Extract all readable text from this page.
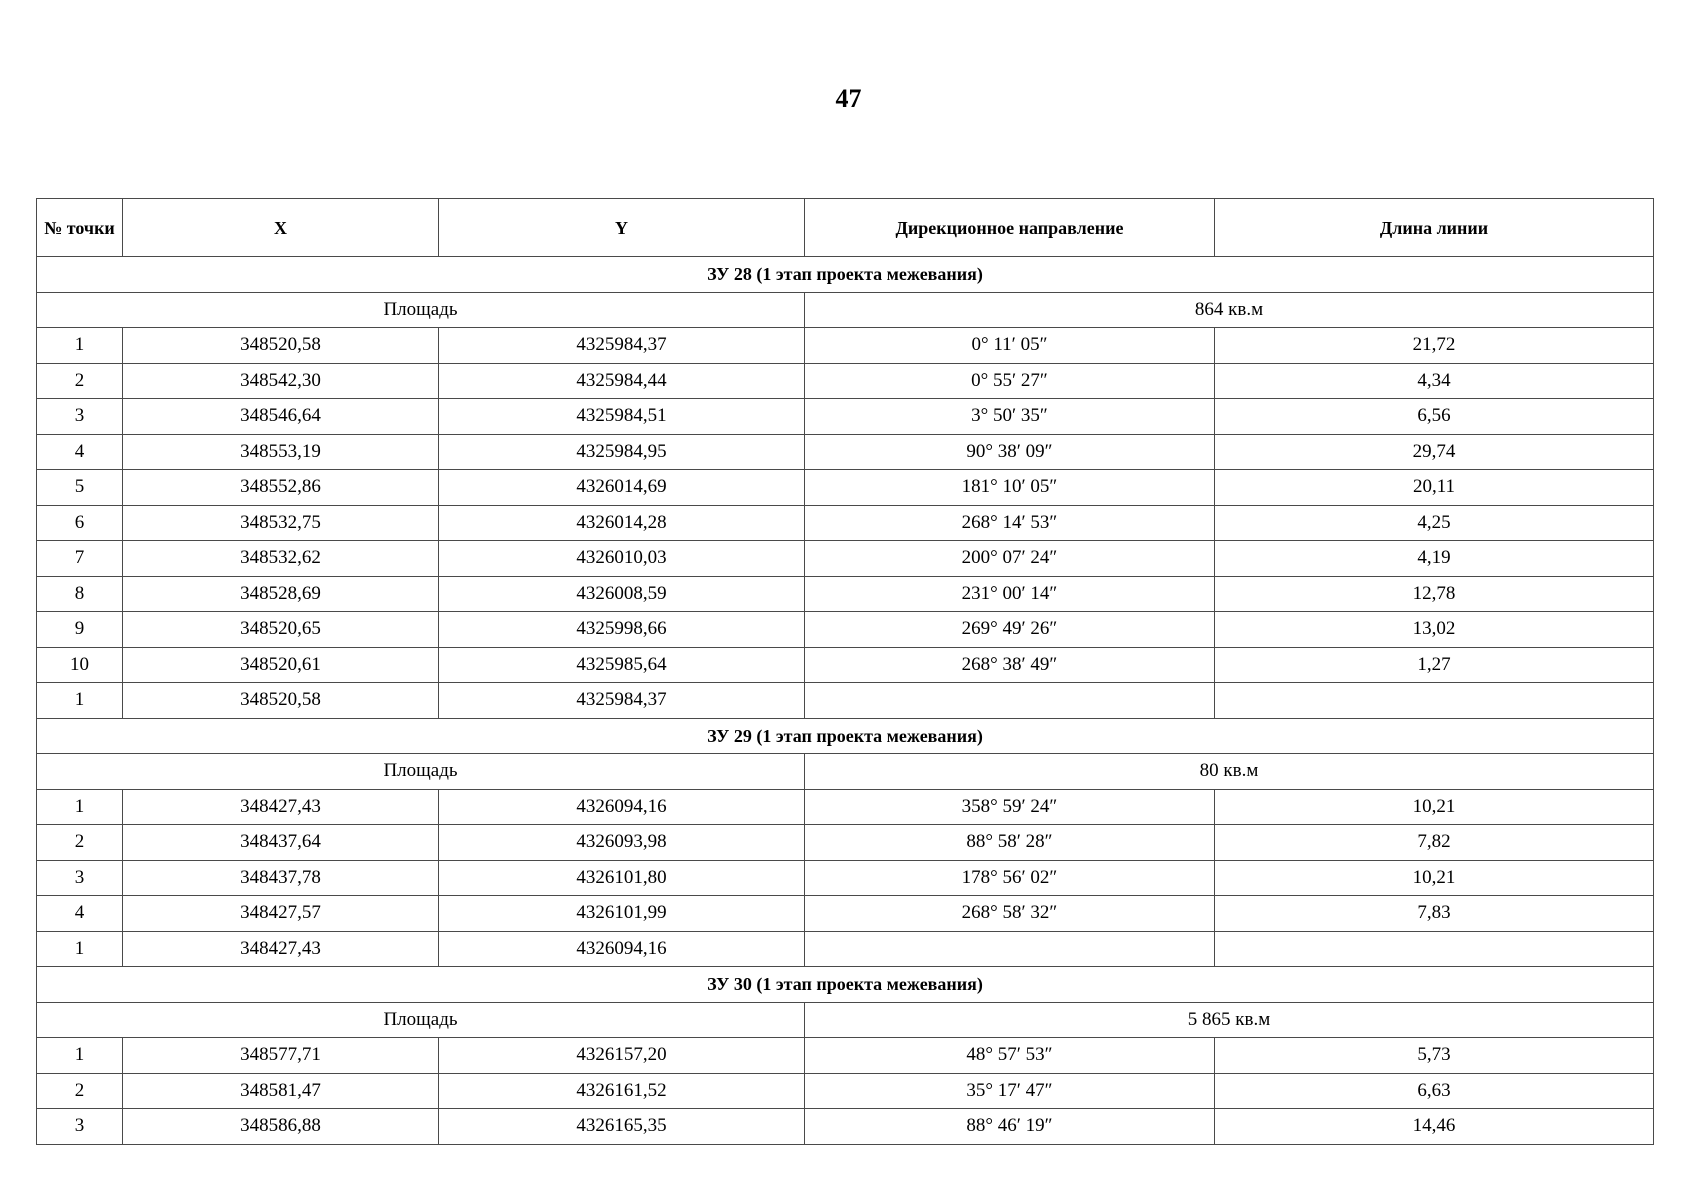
47
№ точки	X	Y	Дирекционное направление	Длина линии
ЗУ 28 (1 этап проекта межевания)				
Площадь			864 кв.м	
1	348520,58	4325984,37	0° 11′ 05″	21,72
2	348542,30	4325984,44	0° 55′ 27″	4,34
3	348546,64	4325984,51	3° 50′ 35″	6,56
4	348553,19	4325984,95	90° 38′ 09″	29,74
5	348552,86	4326014,69	181° 10′ 05″	20,11
6	348532,75	4326014,28	268° 14′ 53″	4,25
7	348532,62	4326010,03	200° 07′ 24″	4,19
8	348528,69	4326008,59	231° 00′ 14″	12,78
9	348520,65	4325998,66	269° 49′ 26″	13,02
10	348520,61	4325985,64	268° 38′ 49″	1,27
1	348520,58	4325984,37		
ЗУ 29 (1 этап проекта межевания)				
Площадь			80 кв.м	
1	348427,43	4326094,16	358° 59′ 24″	10,21
2	348437,64	4326093,98	88° 58′ 28″	7,82
3	348437,78	4326101,80	178° 56′ 02″	10,21
4	348427,57	4326101,99	268° 58′ 32″	7,83
1	348427,43	4326094,16		
ЗУ 30 (1 этап проекта межевания)				
Площадь			5 865 кв.м	
1	348577,71	4326157,20	48° 57′ 53″	5,73
2	348581,47	4326161,52	35° 17′ 47″	6,63
3	348586,88	4326165,35	88° 46′ 19″	14,46
